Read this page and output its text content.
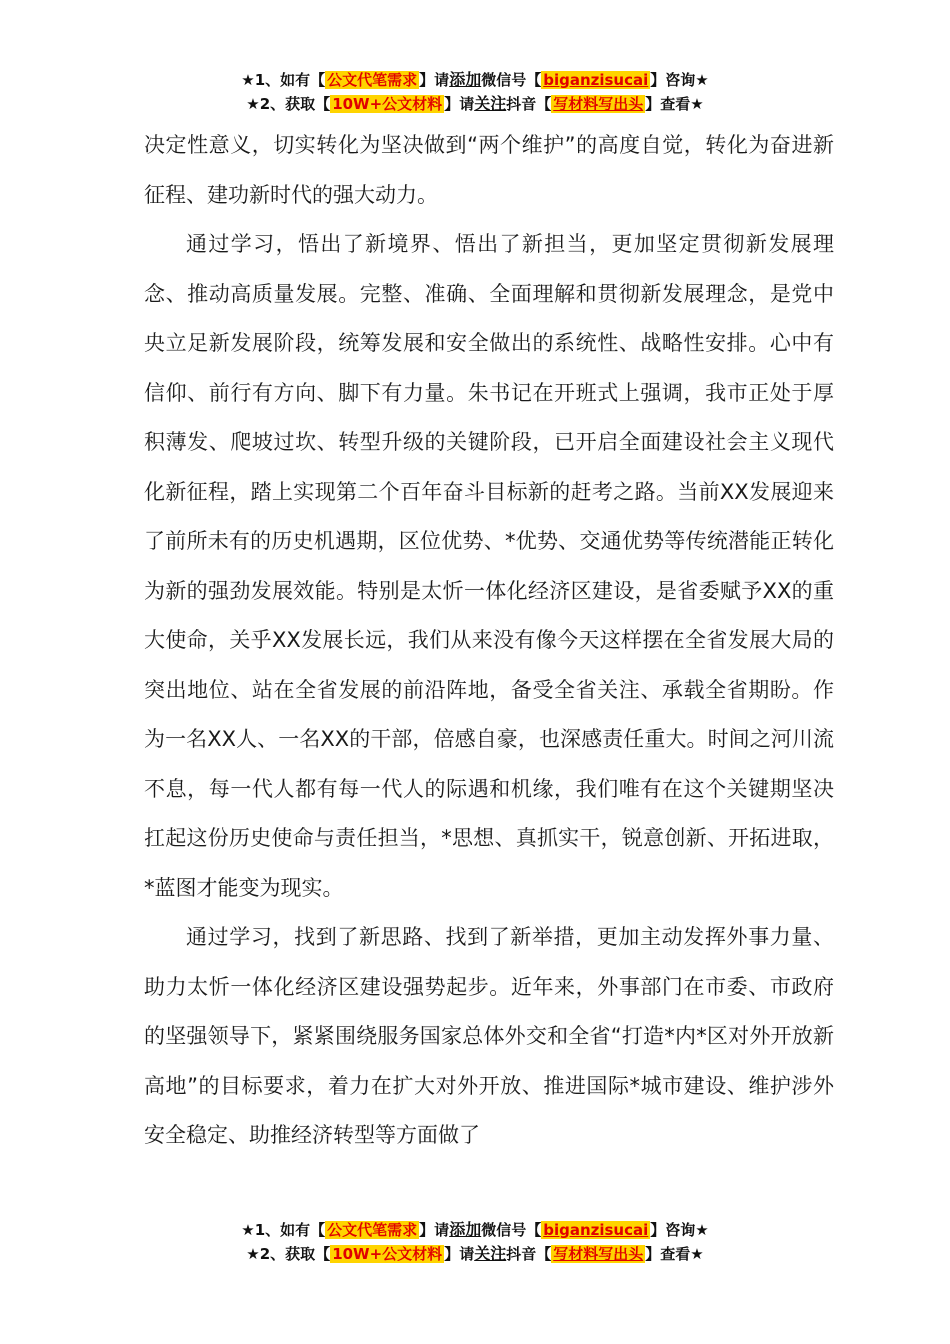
★1、如有【 公文代笔需求 】请添加微信号【 biganzisucai 】咨询★
★2、获取【 10W+公文材料 】请关注抖音【 写材料写出头 】查看★

决定性意义，切实转化为坚决做到“两个维护”的高度自觉，转化为奋进新征程、建功新时代的强大动力。

通过学习，悟出了新境界、悟出了新担当，更加坚定贯彻新发展理念、推动高质量发展。完整、准确、全面理解和贯彻新发展理念，是党中央立足新发展阶段，统筹发展和安全做出的系统性、战略性安排。心中有信仰、前行有方向、脚下有力量。朱书记在开班式上强调，我市正处于厚积薄发、爬坡过坎、转型升级的关键阶段，已开启全面建设社会主义现代化新征程，踏上实现第二个百年奋斗目标新的赶考之路。当前XX发展迎来了前所未有的历史机遇期，区位优势、*优势、交通优势等传统潜能正转化为新的强劲发展效能。特别是太忻一体化经济区建设，是省委赋予XX的重大使命，关乎XX发展长远，我们从来没有像今天这样摆在全省发展大局的突出地位、站在全省发展的前沿阵地，备受全省关注、承载全省期盼。作为一名XX人、一名XX的干部，倍感自豪，也深感责任重大。时间之河川流不息，每一代人都有每一代人的际遇和机缘，我们唯有在这个关键期坚决扛起这份历史使命与责任担当，*思想、真抓实干，锐意创新、开拓进取，*蓝图才能变为现实。

通过学习，找到了新思路、找到了新举措，更加主动发挥外事力量、助力太忻一体化经济区建设强势起步。近年来，外事部门在市委、市政府的坚强领导下，紧紧围绕服务国家总体外交和全省“打造*内*区对外开放新高地”的目标要求，着力在扩大对外开放、推进国际*城市建设、维护涉外安全稳定、助推经济转型等方面做了

★1、如有【 公文代笔需求 】请添加微信号【 biganzisucai 】咨询★
★2、获取【 10W+公文材料 】请关注抖音【 写材料写出头 】查看★
